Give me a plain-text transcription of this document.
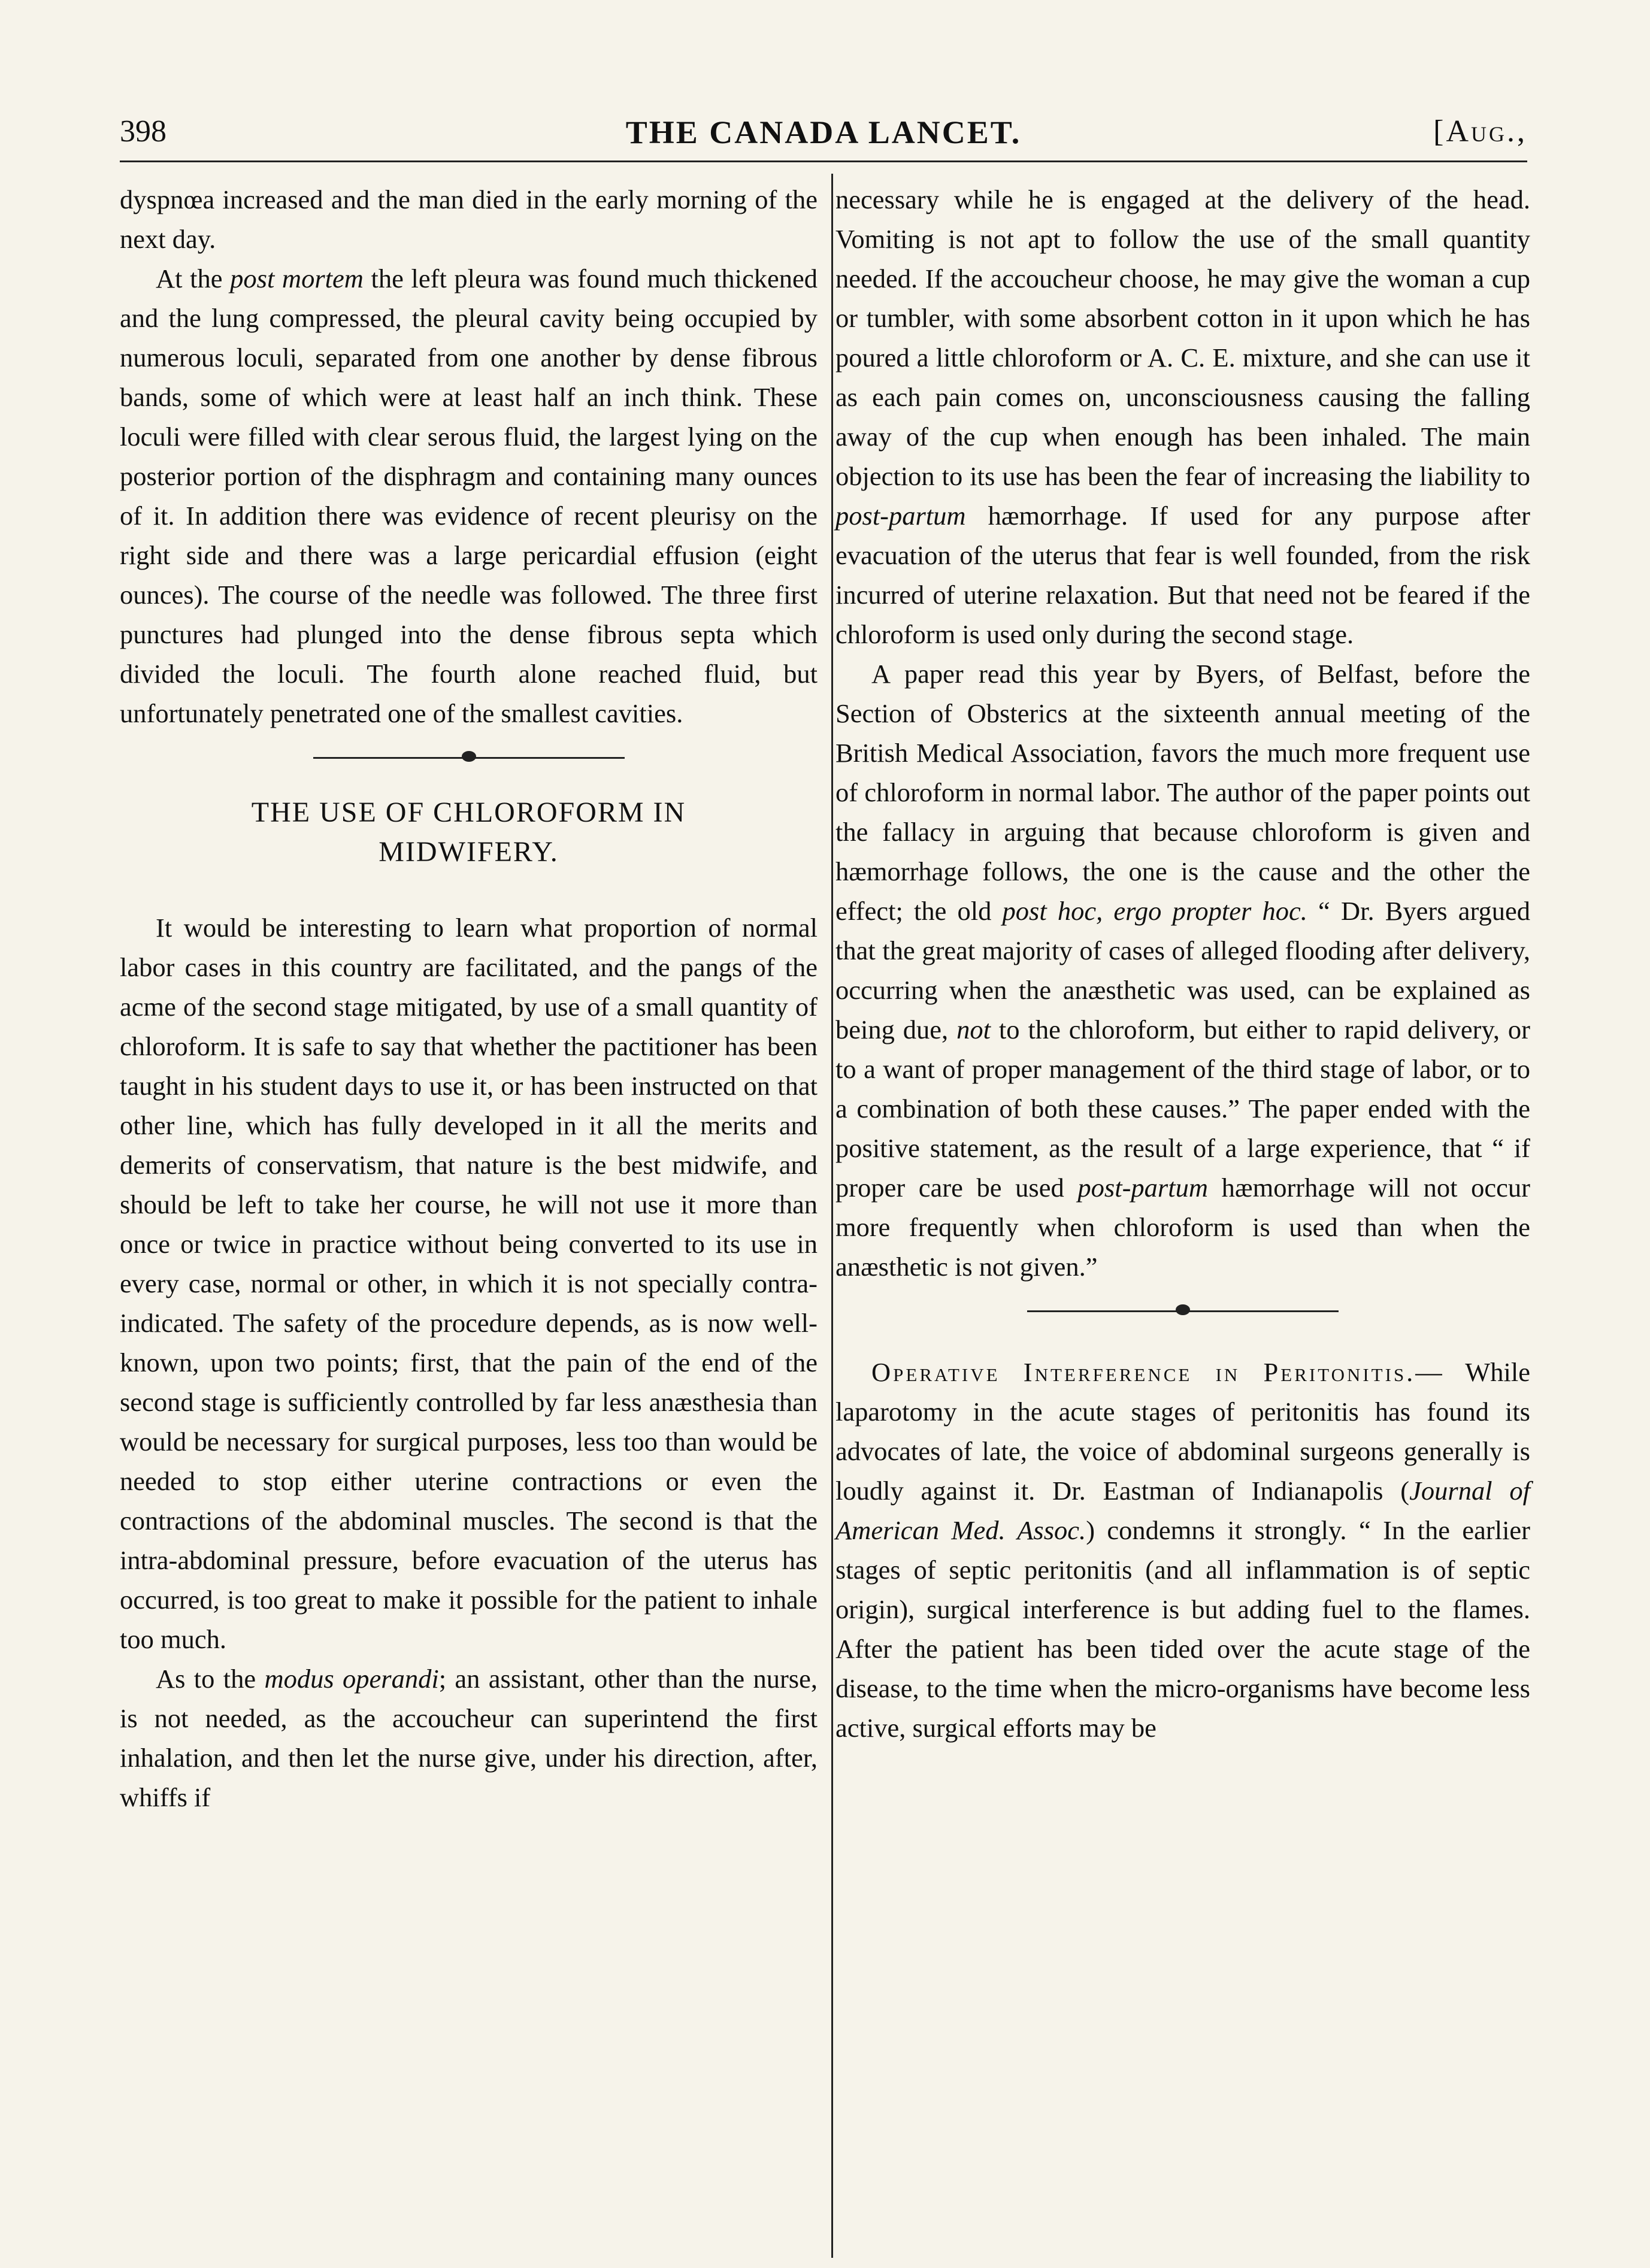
398	THE CANADA LANCET.	[Aug.,

dyspnœa increased and the man died in the early morning of the next day.

At the post mortem the left pleura was found much thickened and the lung compressed, the pleural cavity being occupied by numerous loculi, separated from one another by dense fibrous bands, some of which were at least half an inch think. These loculi were filled with clear serous fluid, the largest lying on the posterior portion of the disphragm and containing many ounces of it. In addition there was evidence of recent pleurisy on the right side and there was a large pericardial effusion (eight ounces). The course of the needle was followed. The three first punctures had plunged into the dense fibrous septa which divided the loculi. The fourth alone reached fluid, but unfortunately penetrated one of the smallest cavities.

THE USE OF CHLOROFORM IN
MIDWIFERY.

It would be interesting to learn what proportion of normal labor cases in this country are facilitated, and the pangs of the acme of the second stage mitigated, by use of a small quantity of chloroform. It is safe to say that whether the pactitioner has been taught in his student days to use it, or has been instructed on that other line, which has fully developed in it all the merits and demerits of conservatism, that nature is the best midwife, and should be left to take her course, he will not use it more than once or twice in practice without being converted to its use in every case, normal or other, in which it is not specially contra-indicated. The safety of the procedure depends, as is now well-known, upon two points; first, that the pain of the end of the second stage is sufficiently controlled by far less anæsthesia than would be necessary for surgical purposes, less too than would be needed to stop either uterine contractions or even the contractions of the abdominal muscles. The second is that the intra-abdominal pressure, before evacuation of the uterus has occurred, is too great to make it possible for the patient to inhale too much.

As to the modus operandi; an assistant, other than the nurse, is not needed, as the accoucheur can superintend the first inhalation, and then let the nurse give, under his direction, after, whiffs if

necessary while he is engaged at the delivery of the head. Vomiting is not apt to follow the use of the small quantity needed. If the accoucheur choose, he may give the woman a cup or tumbler, with some absorbent cotton in it upon which he has poured a little chloroform or A. C. E. mixture, and she can use it as each pain comes on, unconsciousness causing the falling away of the cup when enough has been inhaled. The main objection to its use has been the fear of increasing the liability to post-partum hæmorrhage. If used for any purpose after evacuation of the uterus that fear is well founded, from the risk incurred of uterine relaxation. But that need not be feared if the chloroform is used only during the second stage.

A paper read this year by Byers, of Belfast, before the Section of Obsterics at the sixteenth annual meeting of the British Medical Association, favors the much more frequent use of chloroform in normal labor. The author of the paper points out the fallacy in arguing that because chloroform is given and hæmorrhage follows, the one is the cause and the other the effect; the old post hoc, ergo propter hoc. “ Dr. Byers argued that the great majority of cases of alleged flooding after delivery, occurring when the anæsthetic was used, can be explained as being due, not to the chloroform, but either to rapid delivery, or to a want of proper management of the third stage of labor, or to a combination of both these causes.” The paper ended with the positive statement, as the result of a large experience, that “ if proper care be used post-partum hæmorrhage will not occur more frequently when chloroform is used than when the anæsthetic is not given.”

Operative Interference in Peritonitis.— While laparotomy in the acute stages of peritonitis has found its advocates of late, the voice of abdominal surgeons generally is loudly against it. Dr. Eastman of Indianapolis (Journal of American Med. Assoc.) condemns it strongly. “ In the earlier stages of septic peritonitis (and all inflammation is of septic origin), surgical interference is but adding fuel to the flames. After the patient has been tided over the acute stage of the disease, to the time when the micro-organisms have become less active, surgical efforts may be
